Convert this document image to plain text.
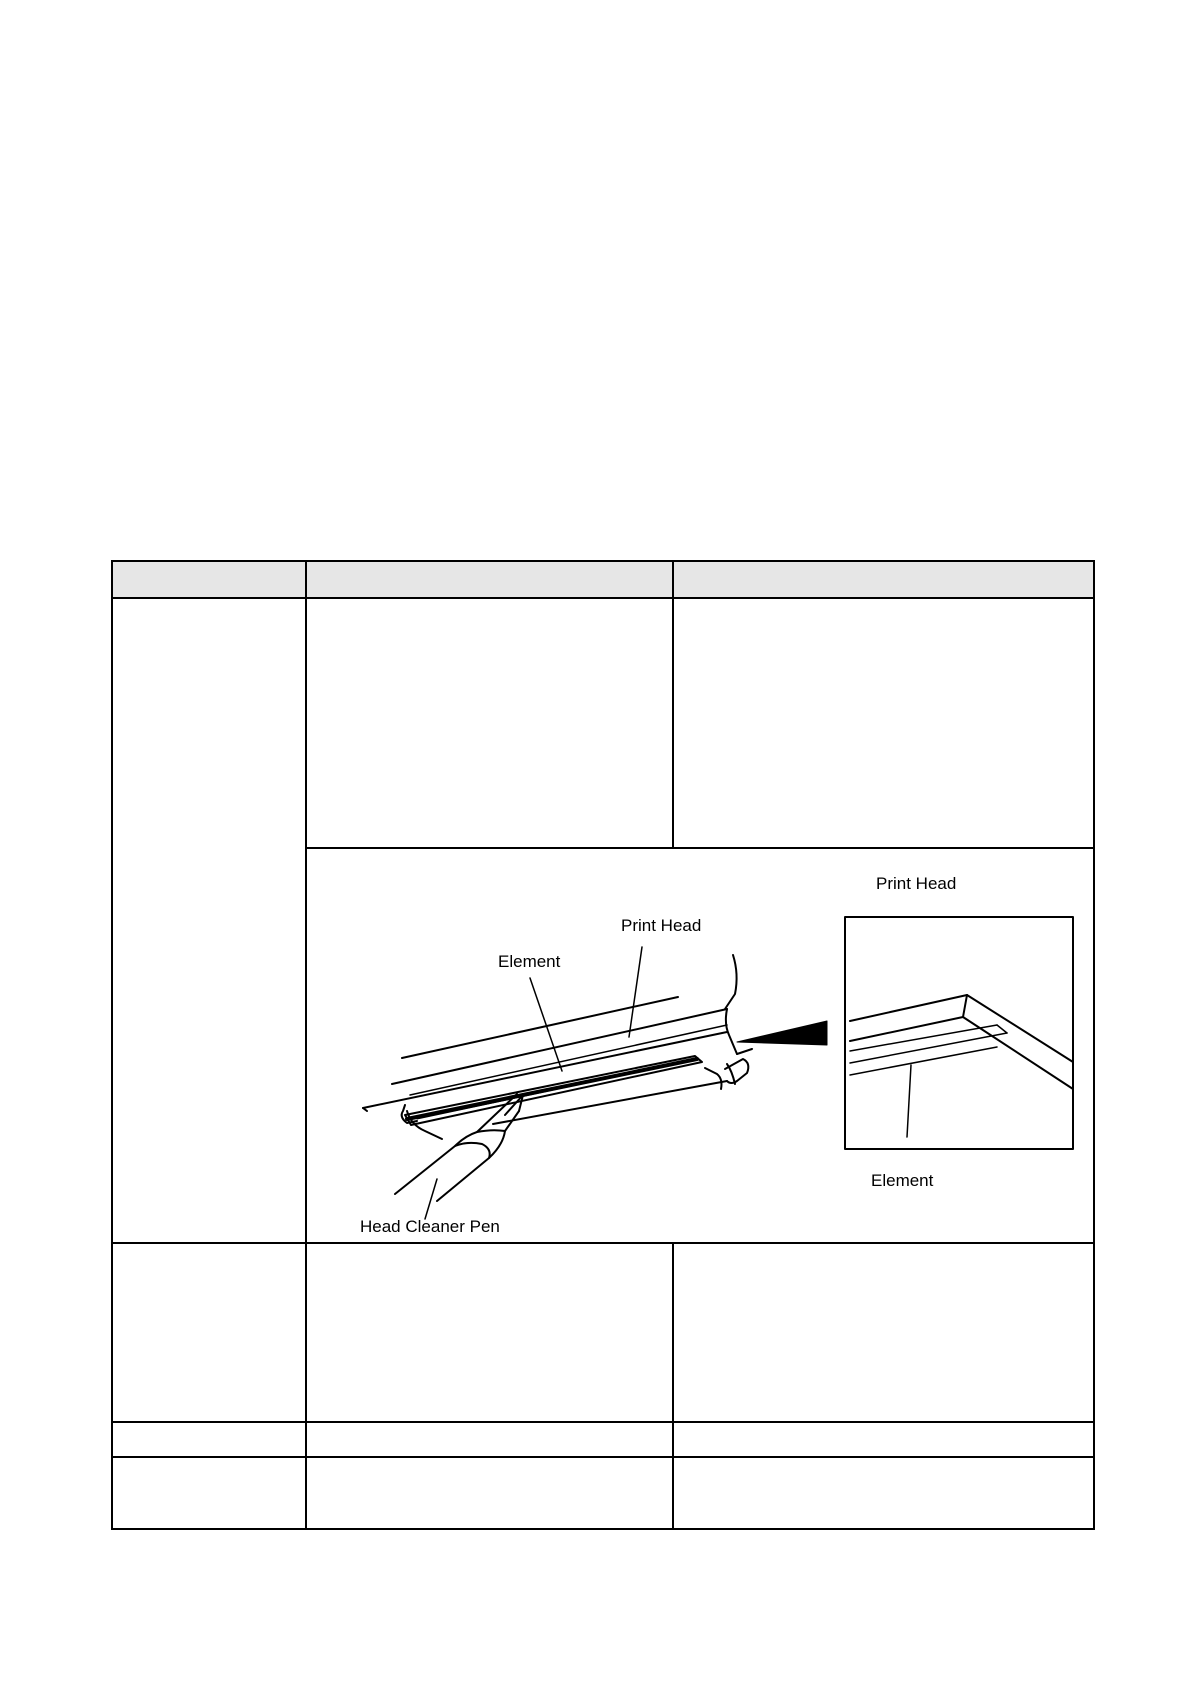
Print Head
Element
Head Cleaner Pen
Print Head
Element	
